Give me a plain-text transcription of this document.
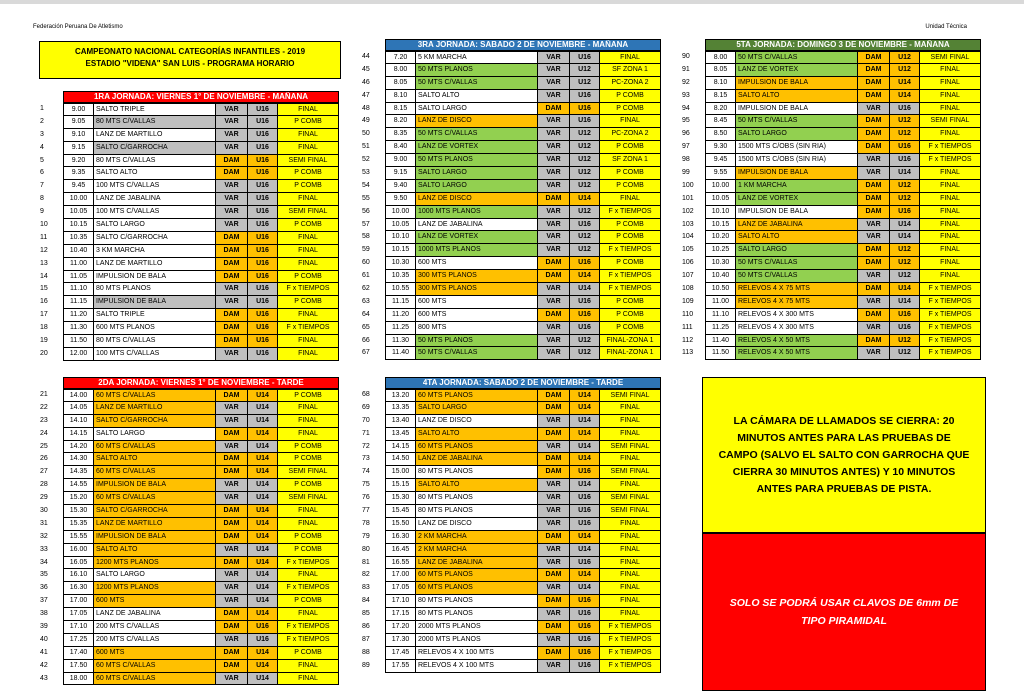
Federación Peruana De Atletismo	Unidad Técnica
CAMPEONATO NACIONAL CATEGORÍAS INFANTILES - 2019
ESTADIO "VIDENA" SAN LUIS - PROGRAMA HORARIO
1RA JORNADA: VIERNES 1° DE NOVIEMBRE - MAÑANA
1	9.00	SALTO TRIPLE	VAR	U16	FINAL
2	9.05	80 MTS C/VALLAS	VAR	U16	P COMB
3	9.10	LANZ DE MARTILLO	VAR	U16	FINAL
4	9.15	SALTO C/GARROCHA	VAR	U16	FINAL
5	9.20	80 MTS C/VALLAS	DAM	U16	SEMI FINAL
6	9.35	SALTO ALTO	DAM	U16	P COMB
7	9.45	100 MTS C/VALLAS	VAR	U16	P COMB
8	10.00	LANZ DE JABALINA	VAR	U16	FINAL
9	10.05	100 MTS C/VALLAS	VAR	U16	SEMI FINAL
10	10.15	SALTO LARGO	VAR	U16	P COMB
11	10.35	SALTO C/GARROCHA	DAM	U16	FINAL
12	10.40	3 KM MARCHA	DAM	U16	FINAL
13	11.00	LANZ DE MARTILLO	DAM	U16	FINAL
14	11.05	IMPULSION DE BALA	DAM	U16	P COMB
15	11.10	80 MTS PLANOS	VAR	U16	F x TIEMPOS
16	11.15	IMPULSION DE BALA	VAR	U16	P COMB
17	11.20	SALTO TRIPLE	DAM	U16	FINAL
18	11.30	600 MTS PLANOS	DAM	U16	F x TIEMPOS
19	11.50	80 MTS C/VALLAS	DAM	U16	FINAL
20	12.00	100 MTS C/VALLAS	VAR	U16	FINAL
2DA JORNADA: VIERNES 1° DE NOVIEMBRE - TARDE
21	14.00	60 MTS C/VALLAS	DAM	U14	P COMB
22	14.05	LANZ DE MARTILLO	VAR	U14	FINAL
23	14.10	SALTO C/GARROCHA	VAR	U14	FINAL
24	14.15	SALTO LARGO	DAM	U14	FINAL
25	14.20	60 MTS C/VALLAS	VAR	U14	P COMB
26	14.30	SALTO ALTO	DAM	U14	P COMB
27	14.35	60 MTS C/VALLAS	DAM	U14	SEMI FINAL
28	14.55	IMPULSION DE BALA	VAR	U14	P COMB
29	15.20	60 MTS C/VALLAS	VAR	U14	SEMI FINAL
30	15.30	SALTO C/GARROCHA	DAM	U14	FINAL
31	15.35	LANZ DE MARTILLO	DAM	U14	FINAL
32	15.55	IMPULSION DE BALA	DAM	U14	P COMB
33	16.00	SALTO ALTO	VAR	U14	P COMB
34	16.05	1200 MTS PLANOS	DAM	U14	F x TIEMPOS
35	16.10	SALTO LARGO	VAR	U14	FINAL
36	16.30	1200 MTS PLANOS	VAR	U14	F x TIEMPOS
37	17.00	600 MTS	VAR	U14	P COMB
38	17.05	LANZ DE JABALINA	DAM	U14	FINAL
39	17.10	200 MTS C/VALLAS	DAM	U16	F x TIEMPOS
40	17.25	200 MTS C/VALLAS	VAR	U16	F x TIEMPOS
41	17.40	600 MTS	DAM	U14	P COMB
42	17.50	60 MTS C/VALLAS	DAM	U14	FINAL
43	18.00	60 MTS C/VALLAS	VAR	U14	FINAL
3RA JORNADA: SABADO 2 DE NOVIEMBRE - MAÑANA
44	7.20	5 KM MARCHA	VAR	U16	FINAL
45	8.00	50 MTS PLANOS	VAR	U12	SF ZONA 1
46	8.05	50 MTS C/VALLAS	VAR	U12	PC-ZONA 2
47	8.10	SALTO ALTO	VAR	U16	P COMB
48	8.15	SALTO LARGO	DAM	U16	P COMB
49	8.20	LANZ DE DISCO	VAR	U16	FINAL
50	8.35	50 MTS C/VALLAS	VAR	U12	PC-ZONA 2
51	8.40	LANZ DE VORTEX	VAR	U12	P COMB
52	9.00	50 MTS PLANOS	VAR	U12	SF ZONA 1
53	9.15	SALTO LARGO	VAR	U12	P COMB
54	9.40	SALTO LARGO	VAR	U12	P COMB
55	9.50	LANZ DE DISCO	DAM	U14	FINAL
56	10.00	1000 MTS PLANOS	VAR	U12	F x TIEMPOS
57	10.05	LANZ DE JABALINA	VAR	U16	P COMB
58	10.10	LANZ DE VORTEX	VAR	U12	P COMB
59	10.15	1000 MTS PLANOS	VAR	U12	F x TIEMPOS
60	10.30	600 MTS	DAM	U16	P COMB
61	10.35	300 MTS PLANOS	DAM	U14	F x TIEMPOS
62	10.55	300 MTS PLANOS	VAR	U14	F x TIEMPOS
63	11.15	600 MTS	VAR	U16	P COMB
64	11.20	600 MTS	DAM	U16	P COMB
65	11.25	800 MTS	VAR	U16	P COMB
66	11.30	50 MTS PLANOS	VAR	U12	FINAL-ZONA 1
67	11.40	50 MTS C/VALLAS	VAR	U12	FINAL-ZONA 1
4TA JORNADA: SABADO 2 DE NOVIEMBRE - TARDE
68	13.20	60 MTS PLANOS	DAM	U14	SEMI FINAL
69	13.35	SALTO LARGO	DAM	U14	FINAL
70	13.40	LANZ DE DISCO	VAR	U14	FINAL
71	13.45	SALTO ALTO	DAM	U14	FINAL
72	14.15	60 MTS PLANOS	VAR	U14	SEMI FINAL
73	14.50	LANZ DE JABALINA	DAM	U14	FINAL
74	15.00	80 MTS PLANOS	DAM	U16	SEMI FINAL
75	15.15	SALTO ALTO	VAR	U14	FINAL
76	15.30	80 MTS PLANOS	VAR	U16	SEMI FINAL
77	15.45	80 MTS PLANOS	VAR	U16	SEMI FINAL
78	15.50	LANZ DE DISCO	VAR	U16	FINAL
79	16.30	2 KM MARCHA	DAM	U14	FINAL
80	16.45	2 KM MARCHA	VAR	U14	FINAL
81	16.55	LANZ DE JABALINA	VAR	U16	FINAL
82	17.00	60 MTS PLANOS	DAM	U14	FINAL
83	17.05	60 MTS PLANOS	VAR	U14	FINAL
84	17.10	80 MTS PLANOS	DAM	U16	FINAL
85	17.15	80 MTS PLANOS	VAR	U16	FINAL
86	17.20	2000 MTS PLANOS	DAM	U16	F x TIEMPOS
87	17.30	2000 MTS PLANOS	VAR	U16	F x TIEMPOS
88	17.45	RELEVOS 4 X 100 MTS	DAM	U16	F x TIEMPOS
89	17.55	RELEVOS 4 X 100 MTS	VAR	U16	F x TIEMPOS
5TA JORNADA: DOMINGO 3 DE NOVIEMBRE - MAÑANA
90	8.00	50 MTS C/VALLAS	DAM	U12	SEMI FINAL
91	8.05	LANZ DE VORTEX	DAM	U12	FINAL
92	8.10	IMPULSION DE BALA	DAM	U14	FINAL
93	8.15	SALTO ALTO	DAM	U14	FINAL
94	8.20	IMPULSION DE BALA	VAR	U16	FINAL
95	8.45	50 MTS C/VALLAS	DAM	U12	SEMI FINAL
96	8.50	SALTO LARGO	DAM	U12	FINAL
97	9.30	1500 MTS C/OBS (SIN RIA)	DAM	U16	F x TIEMPOS
98	9.45	1500 MTS C/OBS (SIN RIA)	VAR	U16	F x TIEMPOS
99	9.55	IMPULSION DE BALA	VAR	U14	FINAL
100	10.00	1 KM MARCHA	DAM	U12	FINAL
101	10.05	LANZ DE VORTEX	DAM	U12	FINAL
102	10.10	IMPULSION DE BALA	DAM	U16	FINAL
103	10.15	LANZ DE JABALINA	VAR	U14	FINAL
104	10.20	SALTO ALTO	VAR	U14	FINAL
105	10.25	SALTO LARGO	DAM	U12	FINAL
106	10.30	50 MTS C/VALLAS	DAM	U12	FINAL
107	10.40	50 MTS C/VALLAS	VAR	U12	FINAL
108	10.50	RELEVOS 4 X 75 MTS	DAM	U14	F x TIEMPOS
109	11.00	RELEVOS 4 X 75 MTS	VAR	U14	F x TIEMPOS
110	11.10	RELEVOS 4 X 300 MTS	DAM	U16	F x TIEMPOS
111	11.25	RELEVOS 4 X 300 MTS	VAR	U16	F x TIEMPOS
112	11.40	RELEVOS 4 X 50 MTS	DAM	U12	F x TIEMPOS
113	11.50	RELEVOS 4 X 50 MTS	VAR	U12	F x TIEMPOS
LA CÁMARA DE LLAMADOS SE CIERRA: 20 MINUTOS ANTES PARA LAS PRUEBAS DE CAMPO (SALVO EL SALTO CON GARROCHA QUE CIERRA 30 MINUTOS ANTES) Y 10 MINUTOS ANTES PARA PRUEBAS DE PISTA.
SOLO SE PODRÁ USAR CLAVOS DE 6mm DE TIPO PIRAMIDAL
